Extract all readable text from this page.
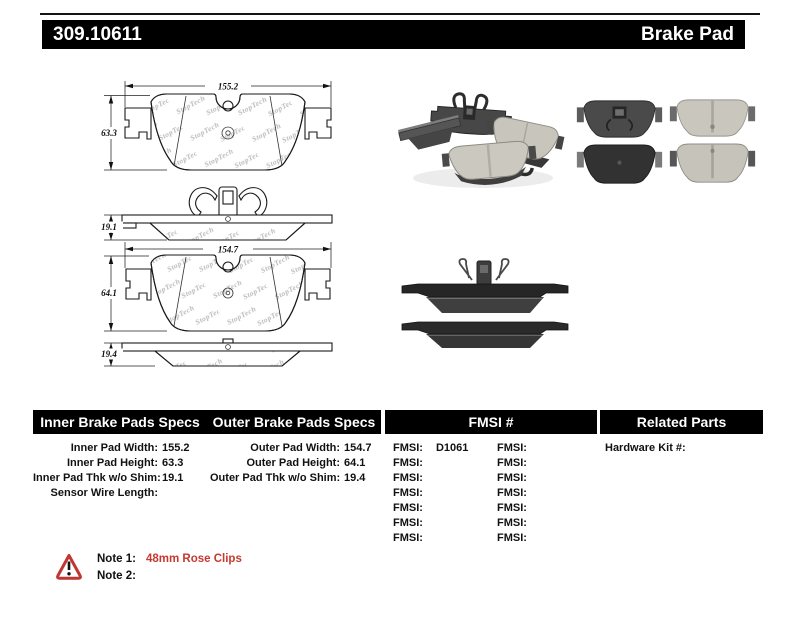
309.10611	Brake Pad
155.2
63.3
19.1
154.7
64.1
19.4
Inner Brake Pads Specs Outer Brake Pads Specs	FMSI #	Related Parts
Inner Pad Width: 155.2
Inner Pad Height: 63.3
Inner Pad Thk w/o Shim: 19.1
Sensor Wire Length:
Outer Pad Width: 154.7
Outer Pad Height: 64.1
Outer Pad Thk w/o Shim: 19.4
FMSI: D1061
FMSI:
FMSI:
FMSI:
FMSI:
FMSI:
FMSI:
FMSI:
FMSI:
FMSI:
FMSI:
FMSI:
FMSI:
FMSI:
Hardware Kit #:
Note 1: 48mm Rose Clips
Note 2:
